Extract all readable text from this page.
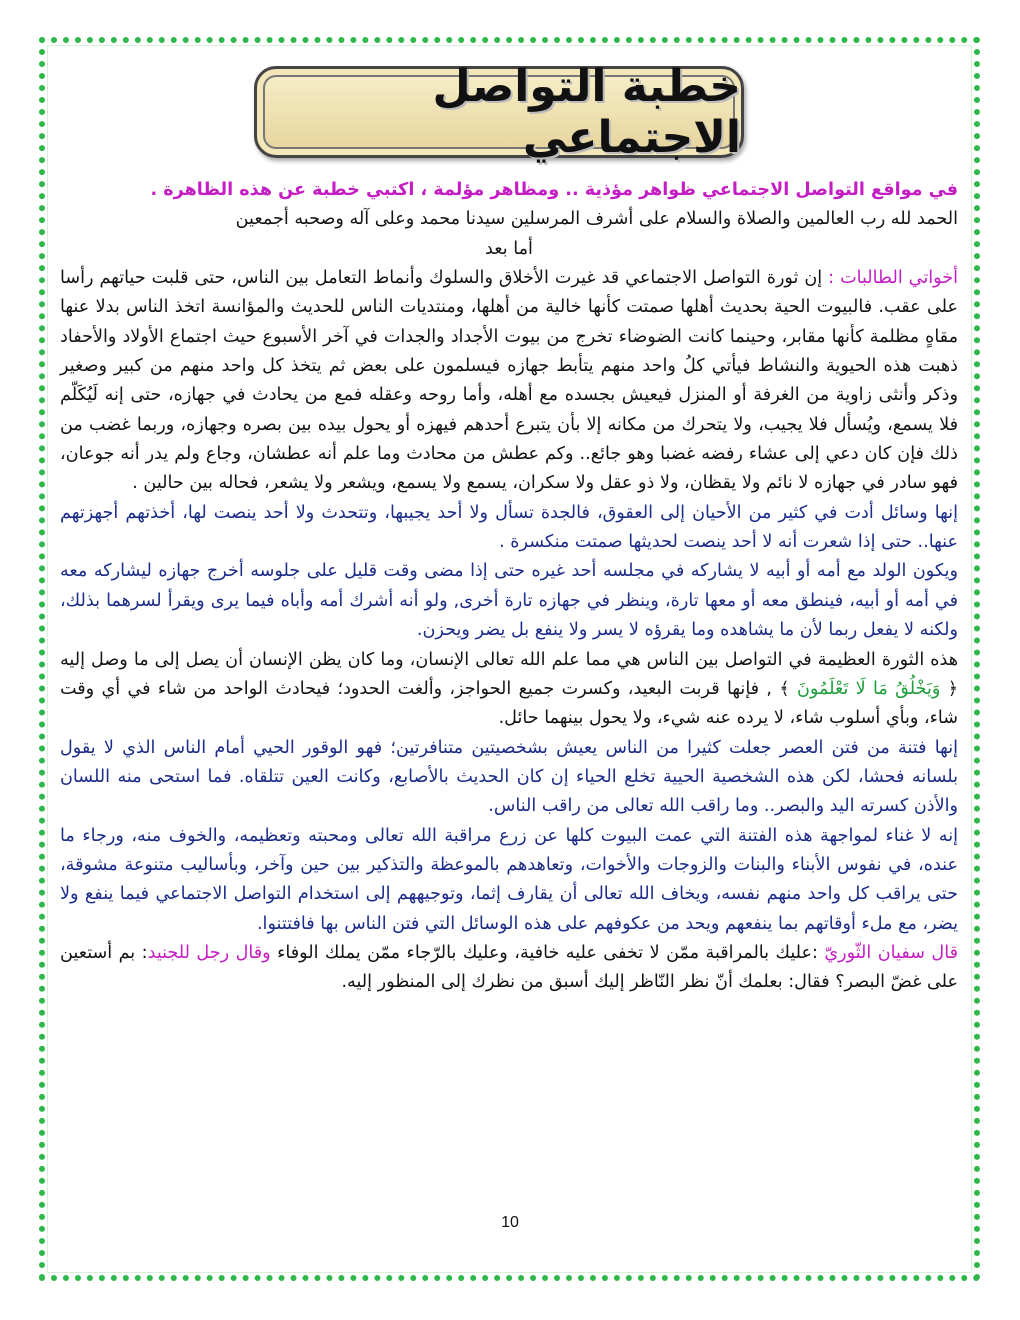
خطبة التواصل الاجتماعي

في مواقع التواصل الاجتماعي ظواهر مؤذية .. ومظاهر مؤلمة ، اكتبي خطبة عن هذه الظاهرة .

الحمد لله رب العالمين والصلاة والسلام على أشرف المرسلين سيدنا محمد وعلى آله وصحبه أجمعين

أما بعد

أخواتي الطالبات : إن ثورة التواصل الاجتماعي قد غيرت الأخلاق والسلوك وأنماط التعامل بين الناس، حتى قلبت حياتهم رأسا على عقب. فالبيوت الحية بحديث أهلها صمتت كأنها خالية من أهلها، ومنتديات الناس للحديث والمؤانسة اتخذ الناس بدلا عنها مقاهٍ مظلمة كأنها مقابر، وحينما كانت الضوضاء تخرج من بيوت الأجداد والجدات في آخر الأسبوع حيث اجتماع الأولاد والأحفاد ذهبت هذه الحيوية والنشاط فيأتي كلُ واحد منهم يتأبط جهازه فيسلمون على بعض ثم يتخذ كل واحد منهم من كبير وصغير وذكر وأنثى زاوية من الغرفة أو المنزل فيعيش بجسده مع أهله، وأما روحه وعقله فمع من يحادث في جهازه، حتى إنه لَيُكَلّم فلا يسمع، ويُسأل فلا يجيب، ولا يتحرك من مكانه إلا بأن يتبرع أحدهم فيهزه أو يحول بيده بين بصره وجهازه، وربما غضب من ذلك فإن كان دعي إلى عشاء رفضه غضبا وهو جائع.. وكم عطش من محادث وما علم أنه عطشان، وجاع ولم يدر أنه جوعان، فهو سادر في جهازه لا نائم ولا يقظان، ولا ذو عقل ولا سكران، يسمع ولا يسمع، ويشعر ولا يشعر، فحاله بين حالين .

إنها وسائل أدت في كثير من الأحيان إلى العقوق، فالجدة تسأل ولا أحد يجيبها، وتتحدث ولا أحد ينصت لها، أخذتهم أجهزتهم عنها.. حتى إذا شعرت أنه لا أحد ينصت لحديثها صمتت منكسرة .

ويكون الولد مع أمه أو أبيه لا يشاركه في مجلسه أحد غيره حتى إذا مضى وقت قليل على جلوسه أخرج جهازه ليشاركه معه في أمه أو أبيه، فينطق معه أو معها تارة، وينظر في جهازه تارة أخرى, ولو أنه أشرك أمه وأباه فيما يرى ويقرأ لسرهما بذلك، ولكنه لا يفعل ربما لأن ما يشاهده وما يقرؤه لا يسر ولا ينفع بل يضر ويحزن.

هذه الثورة العظيمة في التواصل بين الناس هي مما علم الله تعالى الإنسان، وما كان يظن الإنسان أن يصل إلى ما وصل إليه ﴿ وَيَخْلُقُ مَا لَا تَعْلَمُونَ ﴾ , فإنها قربت البعيد، وكسرت جميع الحواجز، وألغت الحدود؛ فيحادث الواحد من شاء في أي وقت شاء، وبأي أسلوب شاء، لا يرده عنه شيء، ولا يحول بينهما حائل.

إنها فتنة من فتن العصر جعلت كثيرا من الناس يعيش بشخصيتين متنافرتين؛ فهو الوقور الحيي أمام الناس الذي لا يقول بلسانه فحشا، لكن هذه الشخصية الحيية تخلع الحياء إن كان الحديث بالأصابع، وكانت العين تتلقاه. فما استحى منه اللسان والأذن كسرته اليد والبصر.. وما راقب الله تعالى من راقب الناس.

إنه لا غناء لمواجهة هذه الفتنة التي عمت البيوت كلها عن زرع مراقبة الله تعالى ومحبته وتعظيمه، والخوف منه، ورجاء ما عنده، في نفوس الأبناء والبنات والزوجات والأخوات، وتعاهدهم بالموعظة والتذكير بين حين وآخر، وبأساليب متنوعة مشوقة، حتى يراقب كل واحد منهم نفسه، ويخاف الله تعالى أن يقارف إثما، وتوجيههم إلى استخدام التواصل الاجتماعي فيما ينفع ولا يضر، مع ملء أوقاتهم بما ينفعهم ويحد من عكوفهم على هذه الوسائل التي فتن الناس بها فافتتنوا.

قال سفيان الثّوريّ :عليك بالمراقبة ممّن لا تخفى عليه خافية، وعليك بالرّجاء ممّن يملك الوفاء وقال رجل للجنيد: بم أستعين على غضّ البصر؟ فقال: بعلمك أنّ نظر النّاظر إليك أسبق من نظرك إلى المنظور إليه.

10
